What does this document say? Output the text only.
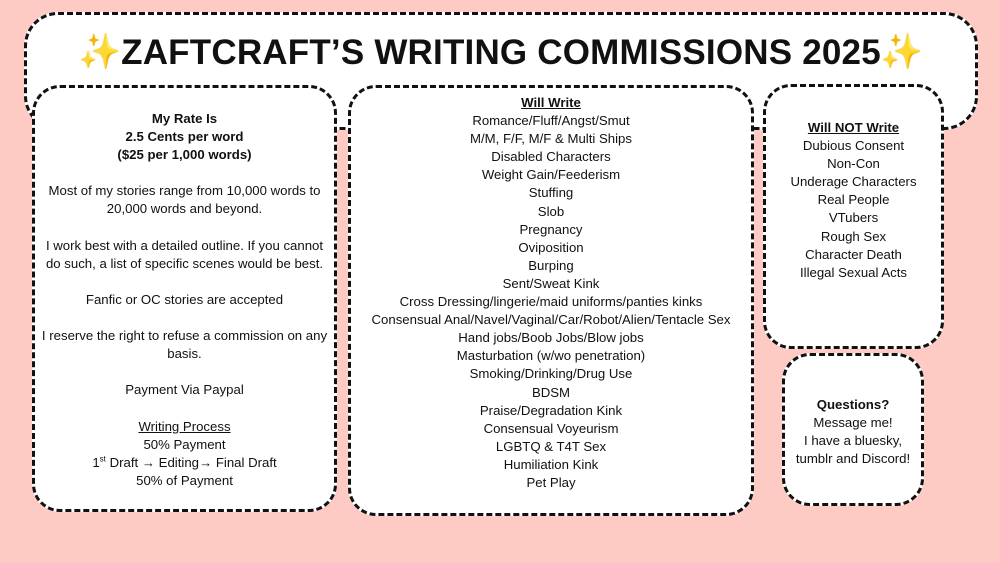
✨ZAFTCRAFT’S WRITING COMMISSIONS 2025✨
My Rate Is
2.5 Cents per word
($25 per 1,000 words)
Most of my stories range from 10,000 words to 20,000 words and beyond.
I work best with a detailed outline. If you cannot do such, a list of specific scenes would be best.
Fanfic or OC stories are accepted
I reserve the right to refuse a commission on any basis.
Payment Via Paypal
Writing Process
50% Payment
1st Draft → Editing→ Final Draft
50% of Payment
Will Write
Romance/Fluff/Angst/Smut
M/M, F/F, M/F & Multi Ships
Disabled Characters
Weight Gain/Feederism
Stuffing
Slob
Pregnancy
Oviposition
Burping
Sent/Sweat Kink
Cross Dressing/lingerie/maid uniforms/panties kinks
Consensual Anal/Navel/Vaginal/Car/Robot/Alien/Tentacle Sex
Hand jobs/Boob Jobs/Blow jobs
Masturbation (w/wo penetration)
Smoking/Drinking/Drug Use
BDSM
Praise/Degradation Kink
Consensual Voyeurism
LGBTQ & T4T Sex
Humiliation Kink
Pet Play
Will NOT Write
Dubious Consent
Non-Con
Underage Characters
Real People
VTubers
Rough Sex
Character Death
Illegal Sexual Acts
Questions?
Message me!
I have a bluesky,
tumblr and Discord!
